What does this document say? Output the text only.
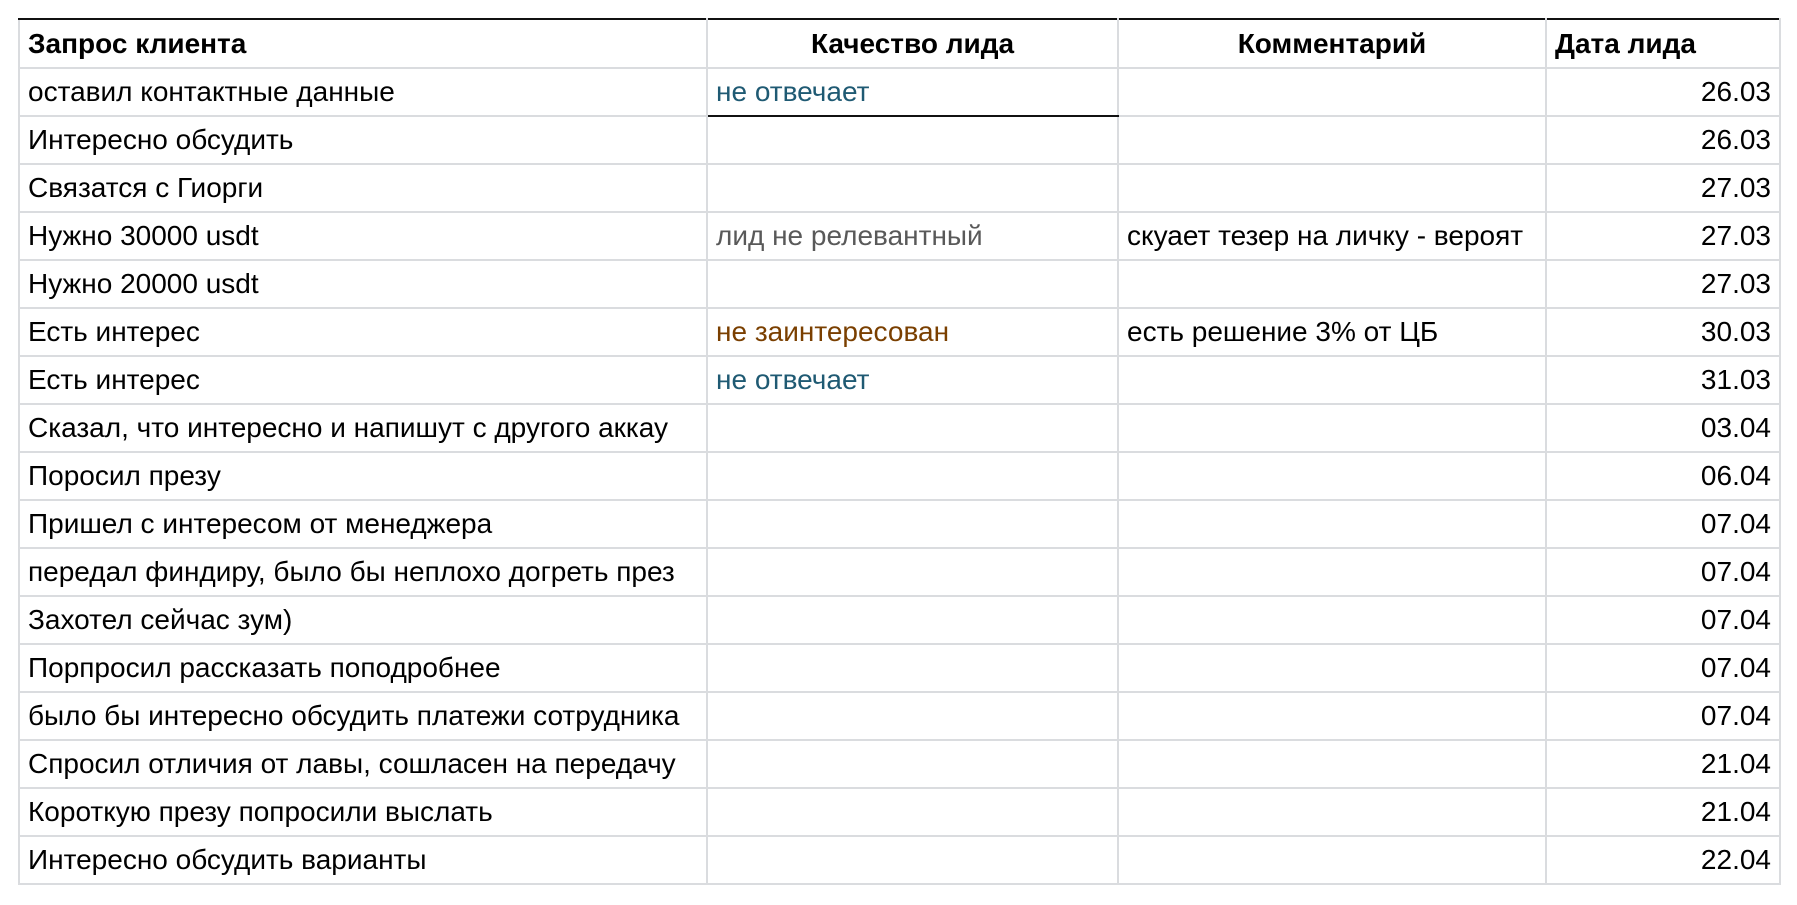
Запрос клиента	Качество лида	Комментарий	Дата лида
оставил контактные данные	не отвечает		26.03
Интересно обсудить			26.03
Связатся с Гиорги			27.03
Нужно 30000 usdt	лид не релевантный	скуает тезер на личку - вероят	27.03
Нужно 20000 usdt			27.03
Есть интерес	не заинтересован	есть решение 3% от ЦБ	30.03
Есть интерес	не отвечает		31.03
Сказал, что интересно и напишут с другого аккау			03.04
Поросил презу			06.04
Пришел с интересом от менеджера			07.04
передал финдиру, было бы неплохо догреть през			07.04
Захотел сейчас зум)			07.04
Порпросил рассказать поподробнее			07.04
было бы интересно обсудить платежи сотрудника			07.04
Спросил отличия от лавы, сошласен на передачу			21.04
Короткую презу попросили выслать			21.04
Интересно обсудить варианты			22.04
